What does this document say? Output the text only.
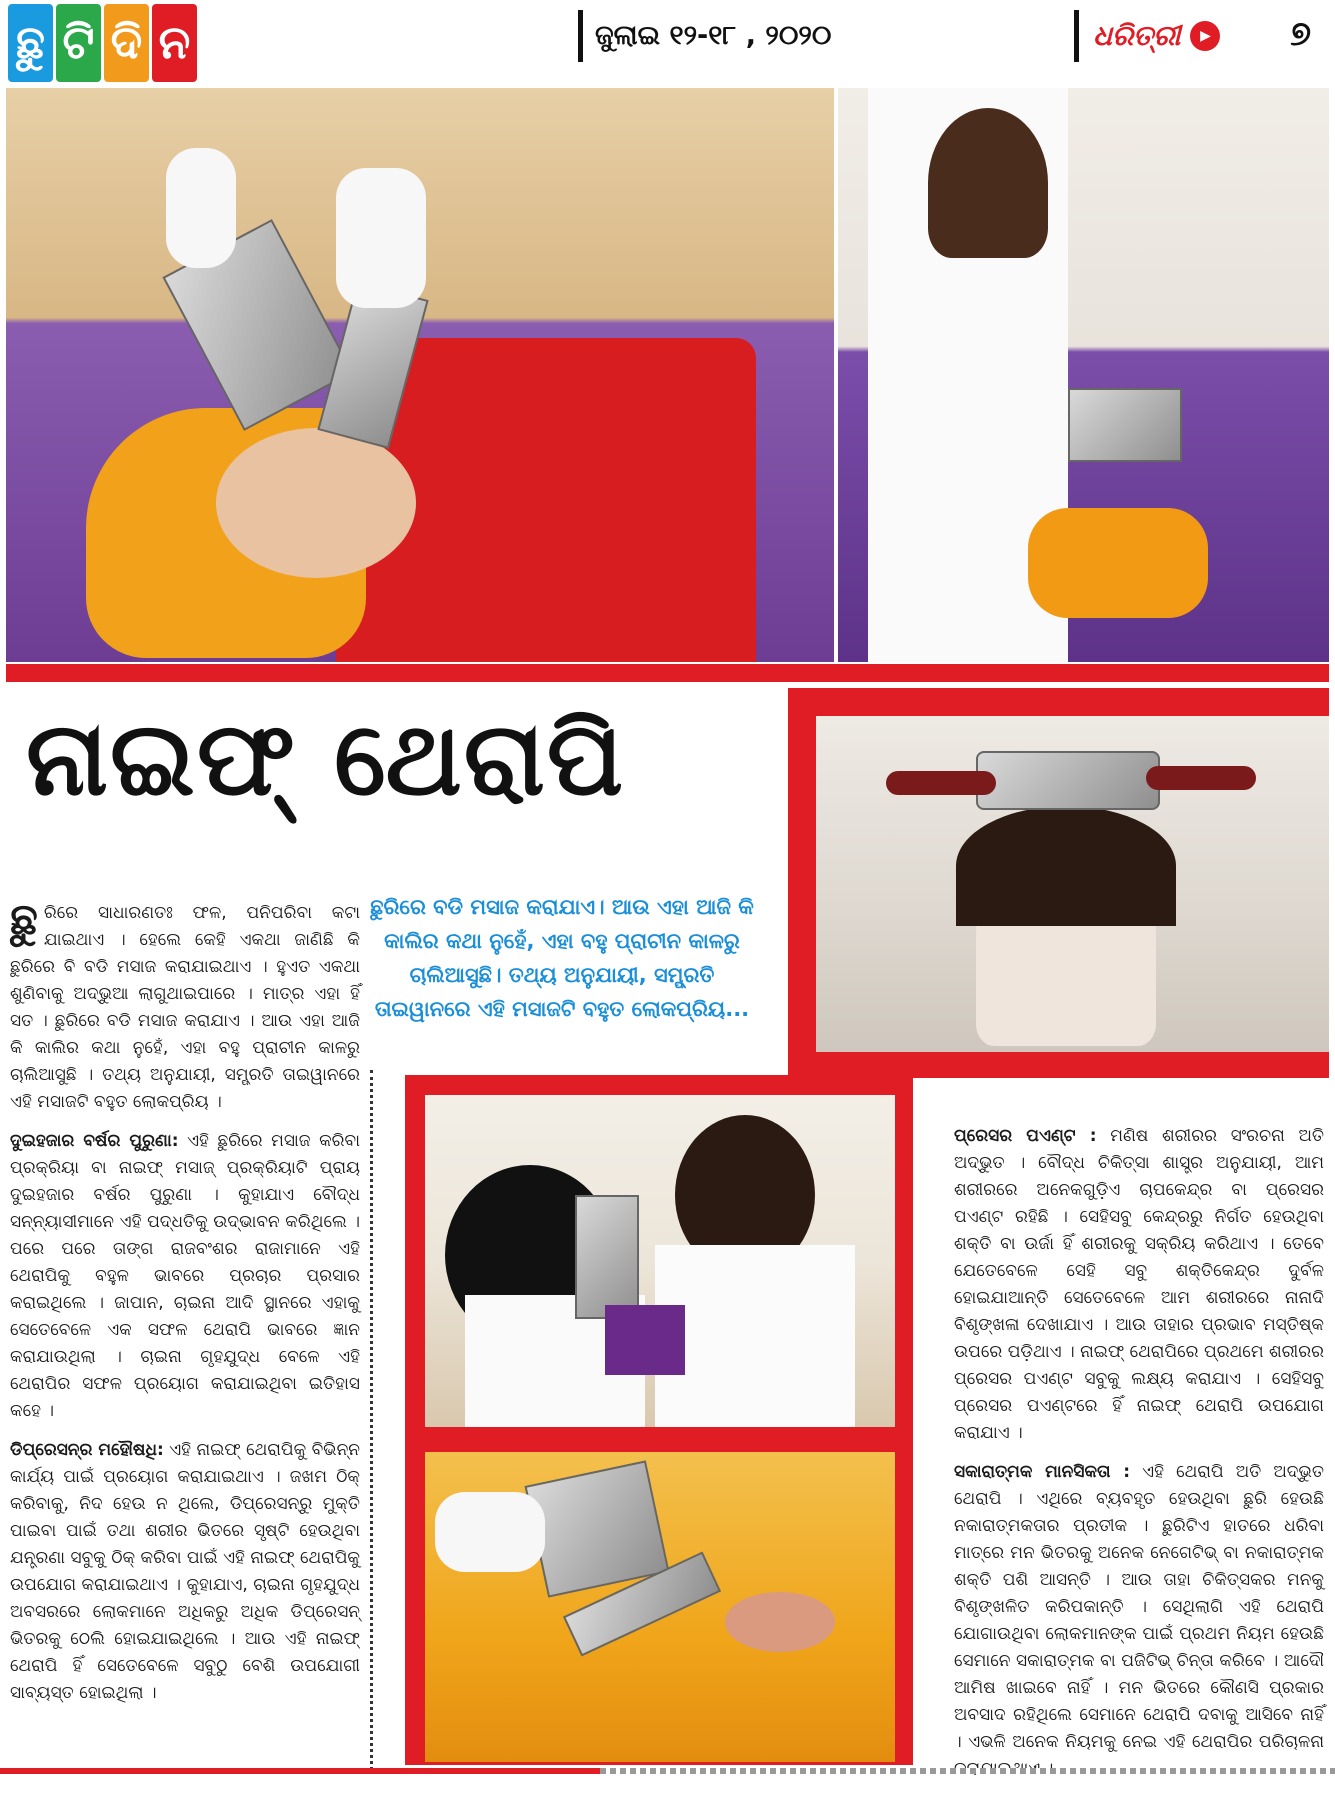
ଛୁ ଟି ଦି ନ	ଜୁଲାଇ ୧୨-୧୮ , ୨୦୨୦	ଧରିତ୍ରୀ	▶ ୭
ନାଇଫ୍ ଥେରାପି
ଛୁରିରେ ବଡି ମସାଜ କରାଯାଏ। ଆଉ ଏହା ଆଜି କି କାଲିର କଥା ନୁହେଁ, ଏହା ବହୁ ପ୍ରାଚୀନ କାଳରୁ ଚାଲିଆସୁଛି। ତଥ୍ୟ ଅନୁଯାୟୀ, ସମ୍ପ୍ରତି ତାଇୱାନରେ ଏହି ମସାଜଟି ବହୁତ ଲୋକପ୍ରିୟ...

ଛୁରିରେ ସାଧାରଣତଃ ଫଳ, ପନିପରିବା କଟା ଯାଇଥାଏ । ହେଲେ କେହି ଏକଥା ଜାଣିଛି କି ଛୁରିରେ ବି ବଡି ମସାଜ କରାଯାଇଥାଏ । ହୁଏତ ଏକଥା ଶୁଣିବାକୁ ଅଦ୍ଭୁଆ ଲାଗୁଥାଇପାରେ । ମାତ୍ର ଏହା ହିଁ ସତ । ଛୁରିରେ ବଡି ମସାଜ କରାଯାଏ । ଆଉ ଏହା ଆଜି କି କାଲିର କଥା ନୁହେଁ, ଏହା ବହୁ ପ୍ରାଚୀନ କାଳରୁ ଚାଲିଆସୁଛି । ତଥ୍ୟ ଅନୁଯାୟୀ, ସମ୍ପ୍ରତି ତାଇୱାନରେ ଏହି ମସାଜଟି ବହୁତ ଲୋକପ୍ରିୟ ।

ଦୁଇହଜାର ବର୍ଷର ପୁରୁଣା: ଏହି ଛୁରିରେ ମସାଜ କରିବା ପ୍ରକ୍ରିୟା ବା ନାଇଫ୍ ମସାଜ୍ ପ୍ରକ୍ରିୟାଟି ପ୍ରାୟ ଦୁଇହଜାର ବର୍ଷର ପୁରୁଣା । କୁହାଯାଏ ବୌଦ୍ଧ ସନ୍ନ୍ୟାସୀମାନେ ଏହି ପଦ୍ଧତିକୁ ଉଦ୍ଭାବନ କରିଥିଲେ । ପରେ ପରେ ତାଙ୍ଗ ରାଜବଂଶର ରାଜାମାନେ ଏହି ଥେରାପିକୁ ବହୁଳ ଭାବରେ ପ୍ରଚାର ପ୍ରସାର କରାଇଥିଲେ । ଜାପାନ, ଚାଇନା ଆଦି ସ୍ଥାନରେ ଏହାକୁ ସେତେବେଳେ ଏକ ସଫଳ ଥେରାପି ଭାବରେ ଜ୍ଞାନ କରାଯାଉଥିଲା । ଚାଇନା ଗୃହଯୁଦ୍ଧ ବେଳେ ଏହି ଥେରାପିର ସଫଳ ପ୍ରୟୋଗ କରାଯାଇଥିବା ଇତିହାସ କହେ ।

ଡିପ୍ରେସନ୍‌ର ମହୌଷଧି: ଏହି ନାଇଫ୍ ଥେରାପିକୁ ବିଭିନ୍ନ କାର୍ଯ୍ୟ ପାଇଁ ପ୍ରୟୋଗ କରାଯାଇଥାଏ । ଜଖମ ଠିକ୍ କରିବାକୁ, ନିଦ ହେଉ ନ ଥିଲେ, ଡିପ୍ରେସନ୍‌ରୁ ମୁକ୍ତି ପାଇବା ପାଇଁ ତଥା ଶରୀର ଭିତରେ ସୃଷ୍ଟି ହେଉଥିବା ଯନ୍ତ୍ରଣା ସବୁକୁ ଠିକ୍ କରିବା ପାଇଁ ଏହି ନାଇଫ୍ ଥେରାପିକୁ ଉପଯୋଗ କରାଯାଇଥାଏ । କୁହାଯାଏ, ଚାଇନା ଗୃହଯୁଦ୍ଧ ଅବସରରେ ଲୋକମାନେ ଅଧିକରୁ ଅଧିକ ଡିପ୍ରେସନ୍ ଭିତରକୁ ଠେଲି ହୋଇଯାଇଥିଲେ । ଆଉ ଏହି ନାଇଫ୍ ଥେରାପି ହିଁ ସେତେବେଳେ ସବୁଠୁ ବେଶି ଉପଯୋଗୀ ସାବ୍ୟସ୍ତ ହୋଇଥିଲା ।

ପ୍ରେସର ପଏଣ୍ଟ : ମଣିଷ ଶରୀରର ସଂରଚନା ଅତି ଅଦ୍ଭୁତ । ବୌଦ୍ଧ ଚିକିତ୍ସା ଶାସ୍ତ୍ର ଅନୁଯାୟୀ, ଆମ ଶରୀରରେ ଅନେକଗୁଡ଼ିଏ ଚାପକେନ୍ଦ୍ର ବା ପ୍ରେସର ପଏଣ୍ଟ ରହିଛି । ସେହିସବୁ କେନ୍ଦ୍ରରୁ ନିର୍ଗତ ହେଉଥିବା ଶକ୍ତି ବା ଉର୍ଜା ହିଁ ଶରୀରକୁ ସକ୍ରିୟ କରିଥାଏ । ତେବେ ଯେତେବେଳେ ସେହି ସବୁ ଶକ୍ତିକେନ୍ଦ୍ର ଦୁର୍ବଳ ହୋଇଯାଆନ୍ତି ସେତେବେଳେ ଆମ ଶରୀରରେ ନାନାଦି ବିଶୃଙ୍ଖଳା ଦେଖାଯାଏ । ଆଉ ତାହାର ପ୍ରଭାବ ମସ୍ତିଷ୍କ ଉପରେ ପଡ଼ିଥାଏ । ନାଇଫ୍ ଥେରାପିରେ ପ୍ରଥମେ ଶରୀରର ପ୍ରେସର ପଏଣ୍ଟ ସବୁକୁ ଲକ୍ଷ୍ୟ କରାଯାଏ । ସେହିସବୁ ପ୍ରେସର ପଏଣ୍ଟରେ ହିଁ ନାଇଫ୍ ଥେରାପି ଉପଯୋଗ କରାଯାଏ ।

ସକାରାତ୍ମକ ମାନସିକତା : ଏହି ଥେରାପି ଅତି ଅଦ୍ଭୁତ ଥେରାପି । ଏଥିରେ ବ୍ୟବହୃତ ହେଉଥିବା ଛୁରି ହେଉଛି ନକାରାତ୍ମକତାର ପ୍ରତୀକ । ଛୁରିଟିଏ ହାତରେ ଧରିବା ମାତ୍ରେ ମନ ଭିତରକୁ ଅନେକ ନେଗେଟିଭ୍ ବା ନକାରାତ୍ମକ ଶକ୍ତି ପଶି ଆସନ୍ତି । ଆଉ ତାହା ଚିକିତ୍ସକର ମନକୁ ବିଶୃଙ୍ଖଳିତ କରିପକାନ୍ତି । ସେଥିଲାଗି ଏହି ଥେରାପି ଯୋଗାଉଥିବା ଲୋକମାନଙ୍କ ପାଇଁ ପ୍ରଥମ ନିୟମ ହେଉଛି ସେମାନେ ସକାରାତ୍ମକ ବା ପଜିଟିଭ୍ ଚିନ୍ତା କରିବେ । ଆଦୌ ଆମିଷ ଖାଇବେ ନାହିଁ । ମନ ଭିତରେ କୌଣସି ପ୍ରକାର ଅବସାଦ ରହିଥିଲେ ସେମାନେ ଥେରାପି ଦବାକୁ ଆସିବେ ନାହିଁ । ଏଭଳି ଅନେକ ନିୟମକୁ ନେଇ ଏହି ଥେରାପିର ପରିଚାଳନା
